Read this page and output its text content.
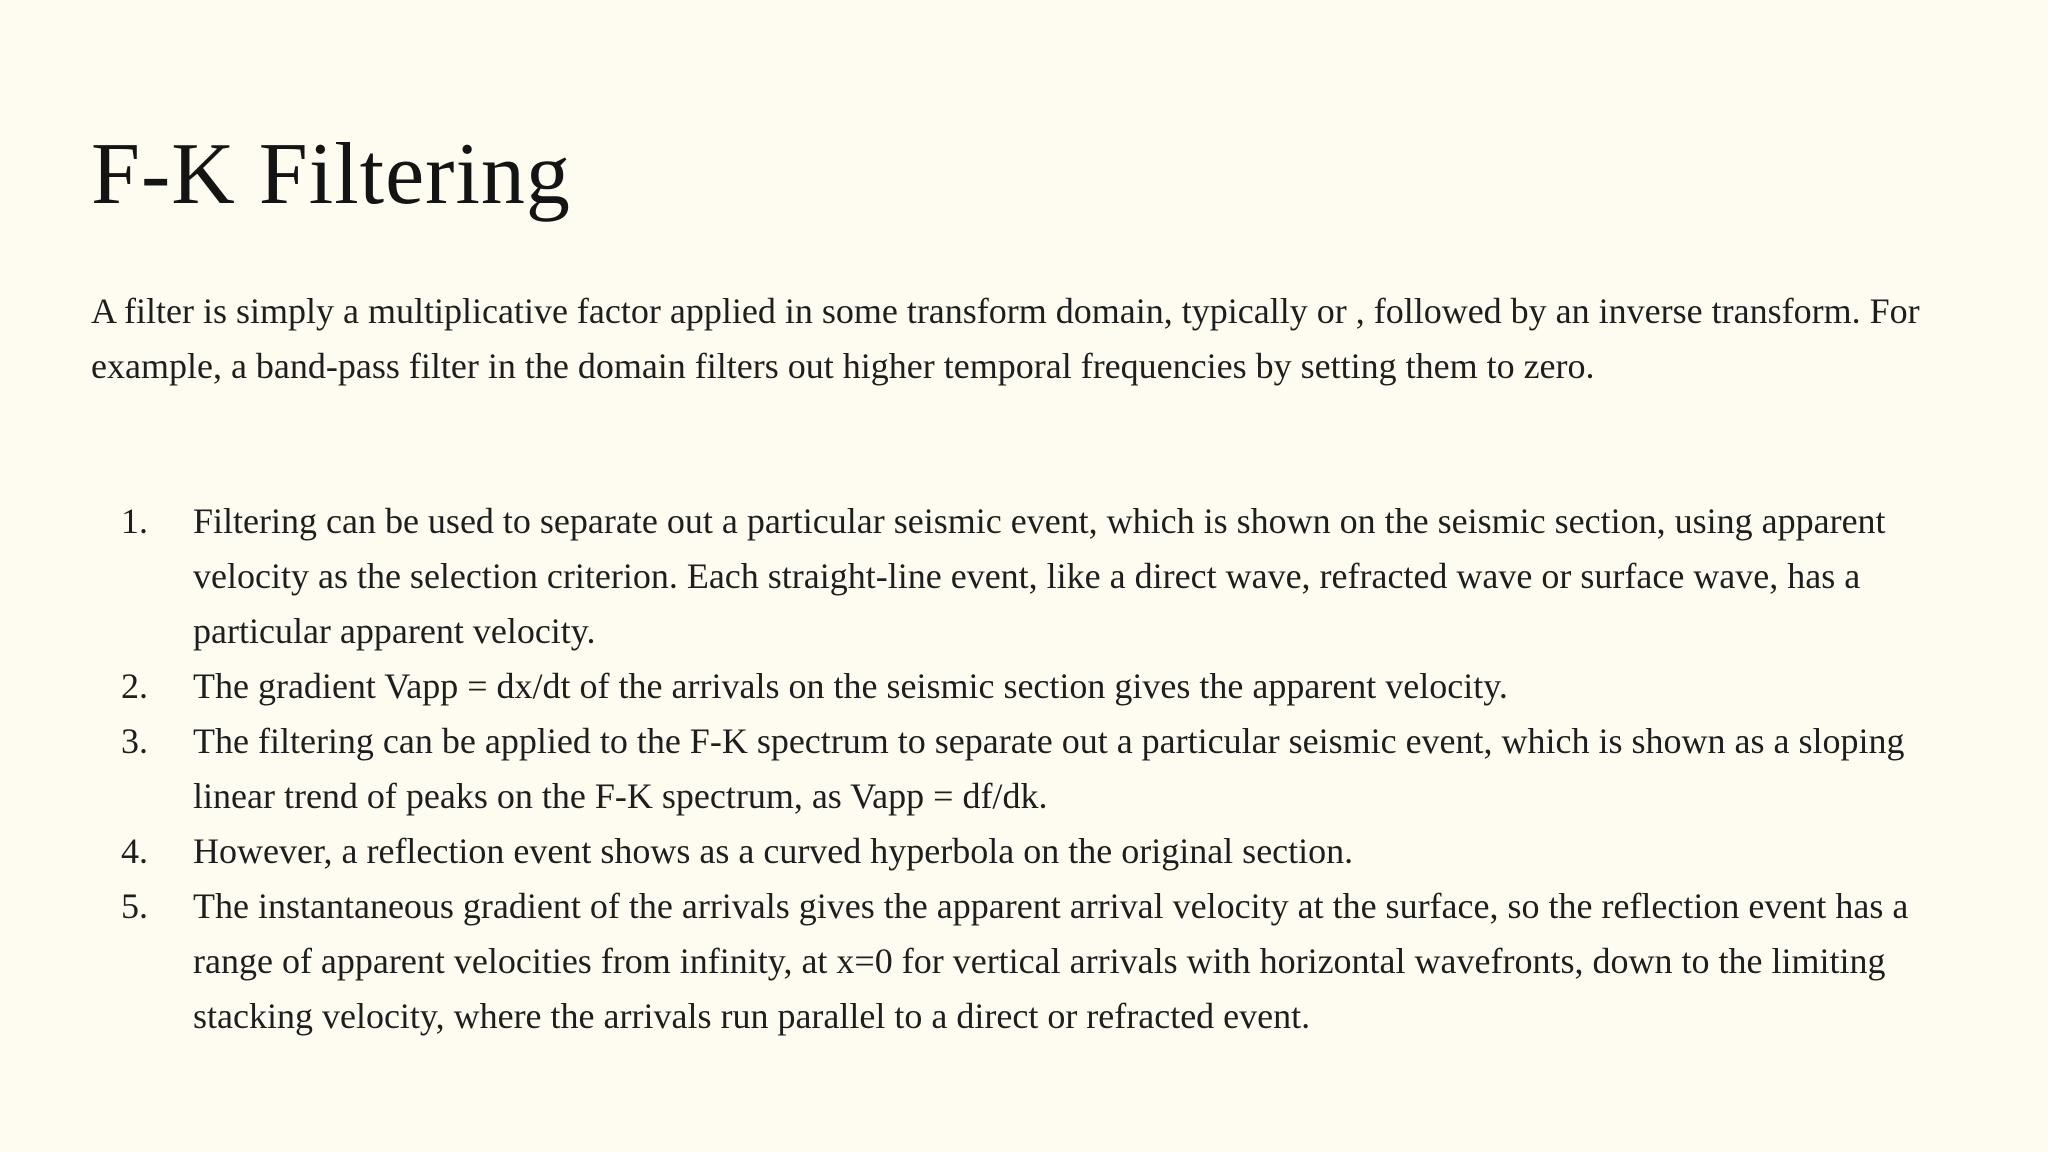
F-K Filtering

A filter is simply a multiplicative factor applied in some transform domain, typically or , followed by an inverse transform. For example, a band-pass filter in the domain filters out higher temporal frequencies by setting them to zero.

1.	Filtering can be used to separate out a particular seismic event, which is shown on the seismic section, using apparent velocity as the selection criterion. Each straight-line event, like a direct wave, refracted wave or surface wave, has a particular apparent velocity.
2.	The gradient Vapp = dx/dt of the arrivals on the seismic section gives the apparent velocity.
3.	The filtering can be applied to the F-K spectrum to separate out a particular seismic event, which is shown as a sloping linear trend of peaks on the F-K spectrum, as Vapp = df/dk.
4.	However, a reflection event shows as a curved hyperbola on the original section.
5.	The instantaneous gradient of the arrivals gives the apparent arrival velocity at the surface, so the reflection event has a range of apparent velocities from infinity, at x=0 for vertical arrivals with horizontal wavefronts, down to the limiting stacking velocity, where the arrivals run parallel to a direct or refracted event.
